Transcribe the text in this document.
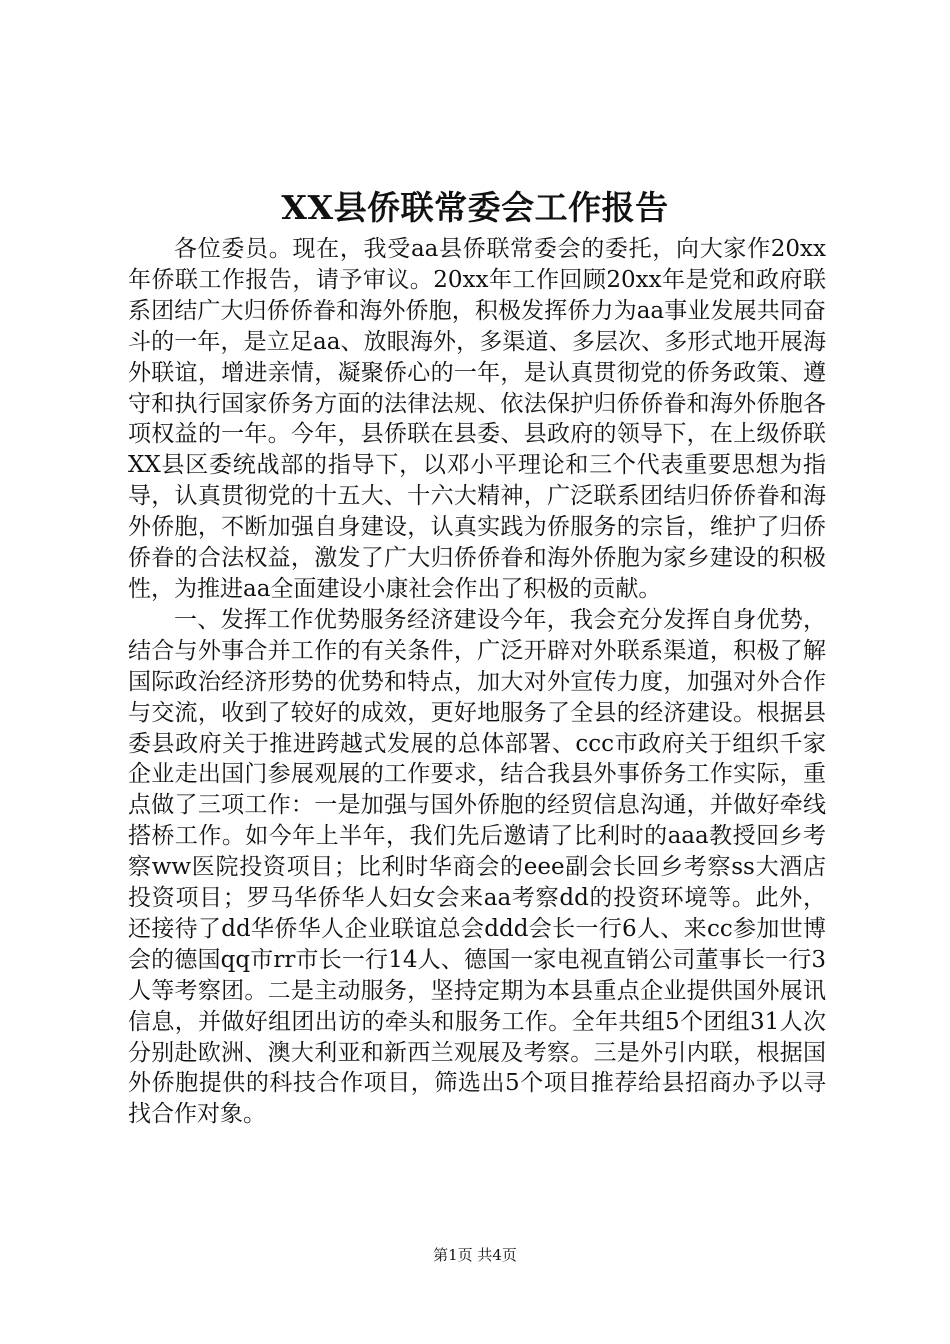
XX县侨联常委会工作报告

各位委员。现在，我受aa县侨联常委会的委托，向大家作20xx年侨联工作报告，请予审议。20xx年工作回顾20xx年是党和政府联系团结广大归侨侨眷和海外侨胞，积极发挥侨力为aa事业发展共同奋斗的一年，是立足aa、放眼海外，多渠道、多层次、多形式地开展海外联谊，增进亲情，凝聚侨心的一年，是认真贯彻党的侨务政策、遵守和执行国家侨务方面的法律法规、依法保护归侨侨眷和海外侨胞各项权益的一年。今年，县侨联在县委、县政府的领导下，在上级侨联XX县区委统战部的指导下，以邓小平理论和三个代表重要思想为指导，认真贯彻党的十五大、十六大精神，广泛联系团结归侨侨眷和海外侨胞，不断加强自身建设，认真实践为侨服务的宗旨，维护了归侨侨眷的合法权益，激发了广大归侨侨眷和海外侨胞为家乡建设的积极性，为推进aa全面建设小康社会作出了积极的贡献。

一、发挥工作优势服务经济建设今年，我会充分发挥自身优势，结合与外事合并工作的有关条件，广泛开辟对外联系渠道，积极了解国际政治经济形势的优势和特点，加大对外宣传力度，加强对外合作与交流，收到了较好的成效，更好地服务了全县的经济建设。根据县委县政府关于推进跨越式发展的总体部署、ccc市政府关于组织千家企业走出国门参展观展的工作要求，结合我县外事侨务工作实际，重点做了三项工作：一是加强与国外侨胞的经贸信息沟通，并做好牵线搭桥工作。如今年上半年，我们先后邀请了比利时的aaa教授回乡考察ww医院投资项目；比利时华商会的eee副会长回乡考察ss大酒店投资项目；罗马华侨华人妇女会来aa考察dd的投资环境等。此外，还接待了dd华侨华人企业联谊总会ddd会长一行6人、来cc参加世博会的德国qq市rr市长一行14人、德国一家电视直销公司董事长一行3人等考察团。二是主动服务，坚持定期为本县重点企业提供国外展讯信息，并做好组团出访的牵头和服务工作。全年共组5个团组31人次分别赴欧洲、澳大利亚和新西兰观展及考察。三是外引内联，根据国外侨胞提供的科技合作项目，筛选出5个项目推荐给县招商办予以寻找合作对象。

第1页 共4页
